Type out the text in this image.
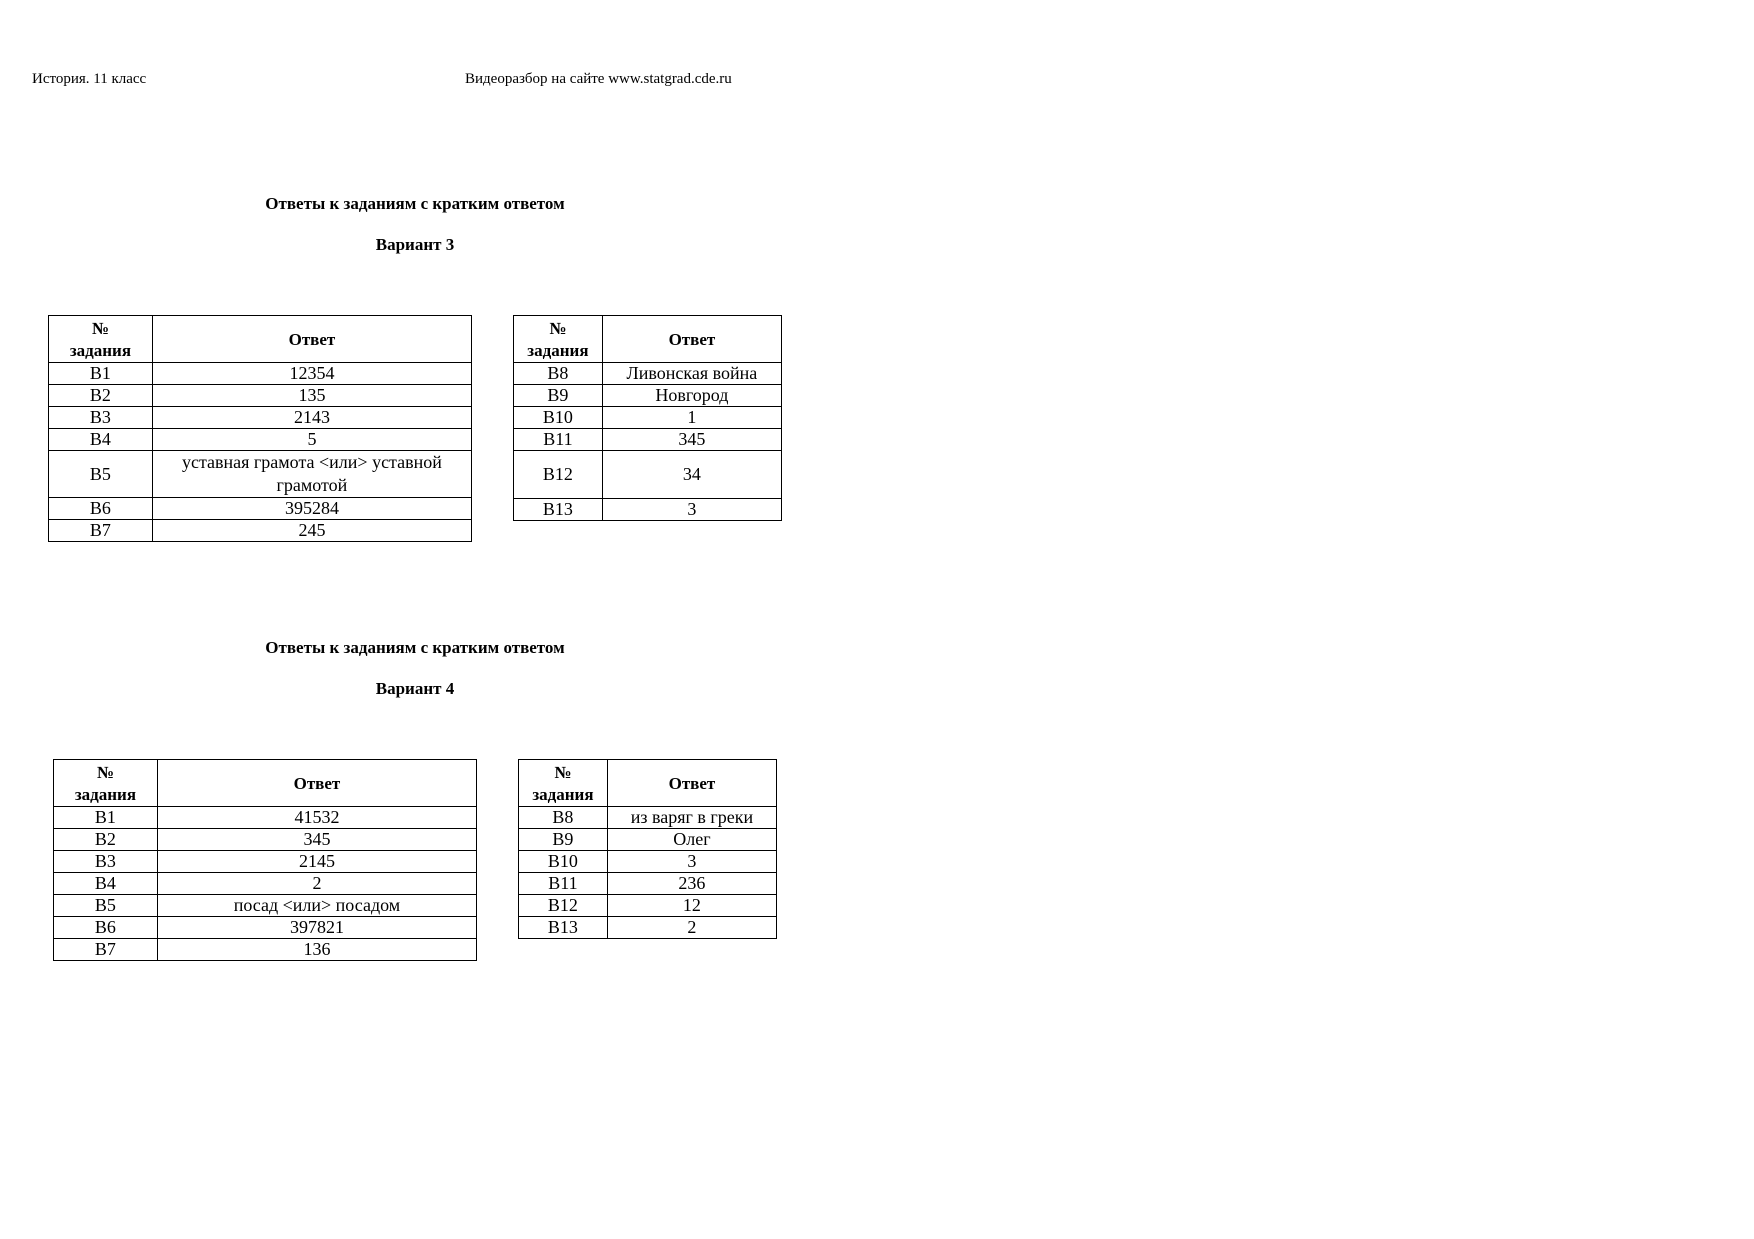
История. 11 класс	Видеоразбор на сайте www.statgrad.cde.ru
Ответы к заданиям с кратким ответом
Вариант 3
№
задания	Ответ
В1	12354
В2	135
В3	2143
В4	5
В5	уставная грамота <или> уставной грамотой
В6	395284
В7	245
№
задания	Ответ
В8	Ливонская война
В9	Новгород
В10	1
В11	345
В12	34
В13	3
Ответы к заданиям с кратким ответом
Вариант 4
№
задания	Ответ
В1	41532
В2	345
В3	2145
В4	2
В5	посад <или> посадом
В6	397821
В7	136
№
задания	Ответ
В8	из варяг в греки
В9	Олег
В10	3
В11	236
В12	12
В13	2
